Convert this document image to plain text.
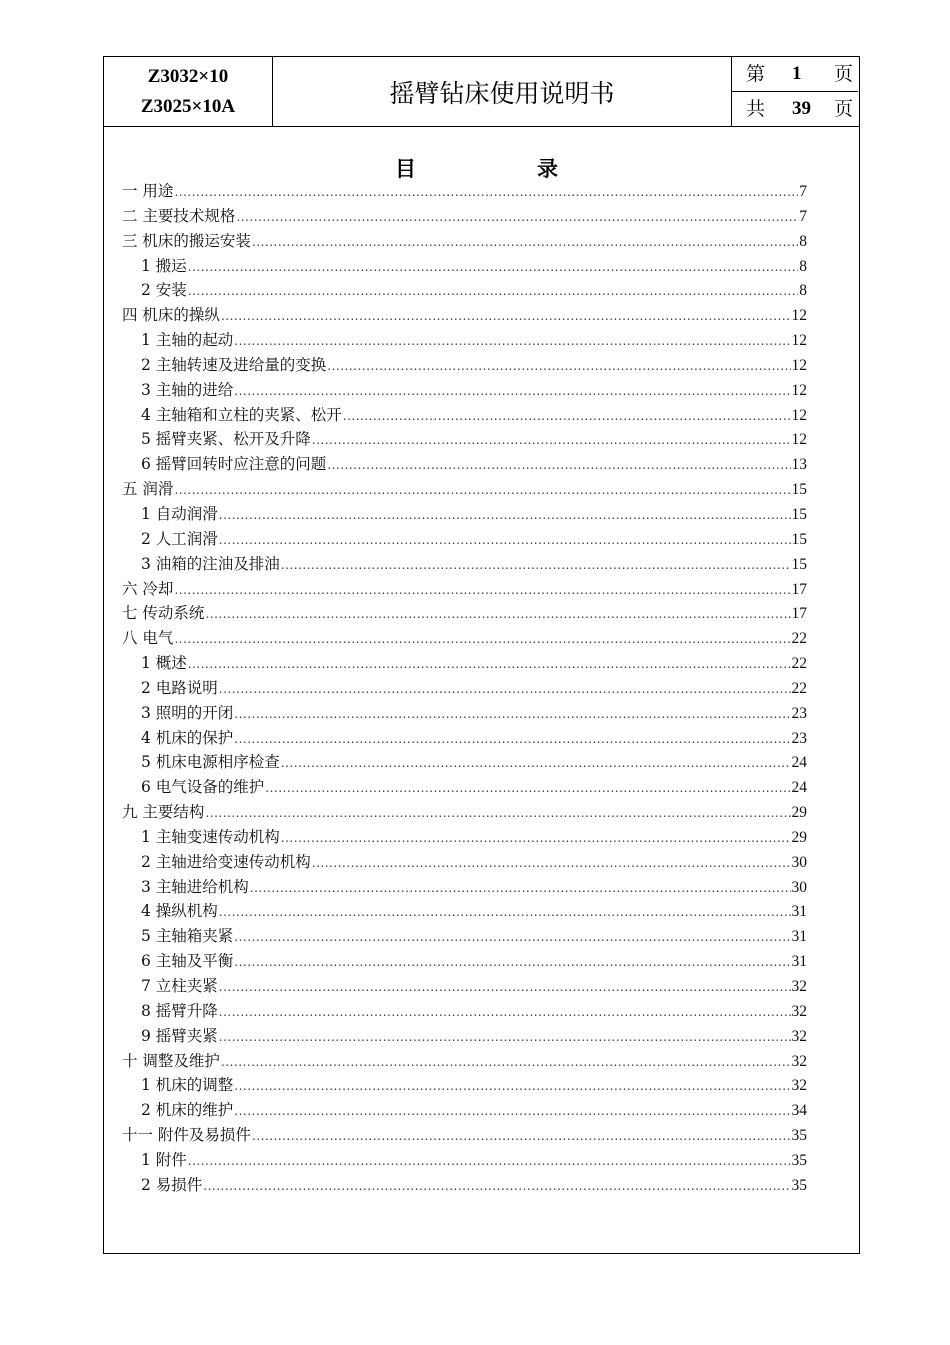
Z3032×10
Z3025×10A	摇臂钻床使用说明书
第 1 页
共 39 页
目	录
一 用途 .....	7
二 主要技术规格 .....	7
三 机床的搬运安装 .....	8
1 搬运 .....	8
2 安装 .....	8
四 机床的操纵 .....	12
1 主轴的起动 .....	12
2 主轴转速及进给量的变换 .....	12
3 主轴的进给 .....	12
4 主轴箱和立柱的夹紧、松开 .....	12
5 摇臂夹紧、松开及升降 .....	12
6 摇臂回转时应注意的问题 .....	13
五 润滑 .....	15
1 自动润滑 .....	15
2 人工润滑 .....	15
3 油箱的注油及排油 .....	15
六 冷却 .....	17
七 传动系统 .....	17
八 电气 .....	22
1 概述 .....	22
2 电路说明 .....	22
3 照明的开闭 .....	23
4 机床的保护 .....	23
5 机床电源相序检查 .....	24
6 电气设备的维护 .....	24
九 主要结构 .....	29
1 主轴变速传动机构 .....	29
2 主轴进给变速传动机构 .....	30
3 主轴进给机构 .....	30
4 操纵机构 .....	31
5 主轴箱夹紧 .....	31
6 主轴及平衡 .....	31
7 立柱夹紧 .....	32
8 摇臂升降 .....	32
9 摇臂夹紧 .....	32
十 调整及维护 .....	32
1 机床的调整 .....	32
2 机床的维护 .....	34
十一 附件及易损件 .....	35
1 附件 .....	35
2 易损件 .....	35
